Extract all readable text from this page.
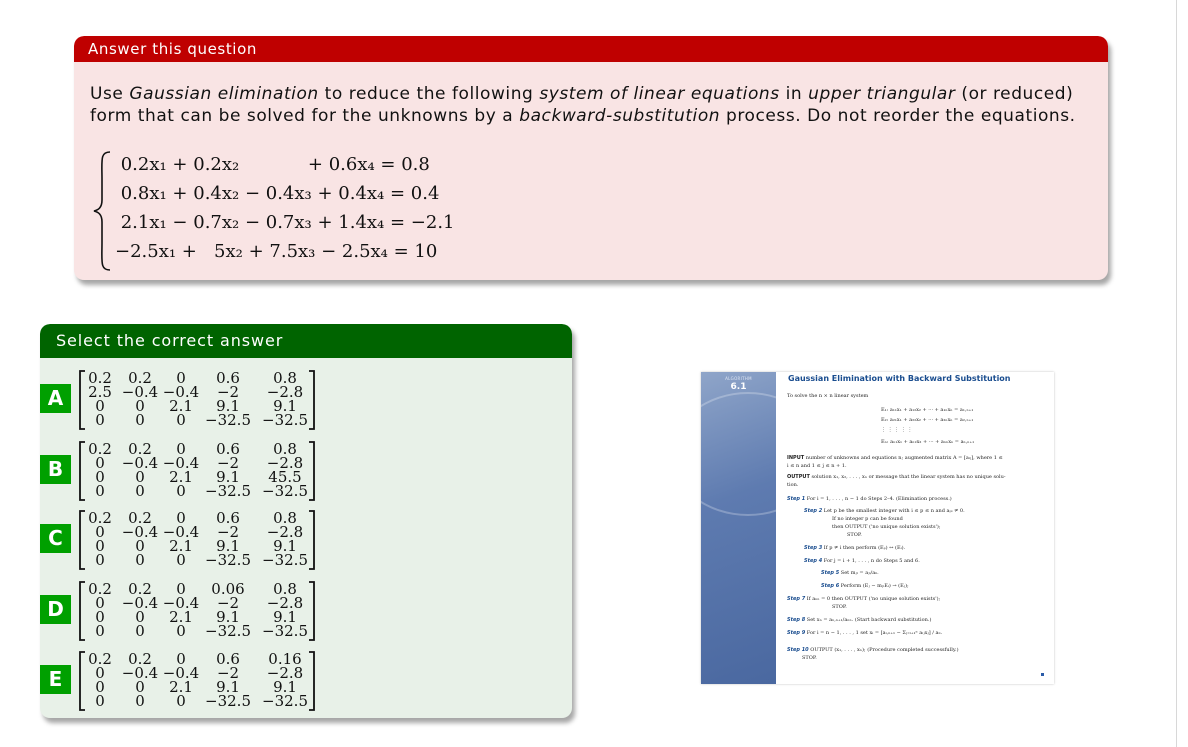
Answer this question
Use Gaussian elimination to reduce the following system of linear equations in upper triangular (or reduced) form that can be solved for the unknowns by a backward-substitution process. Do not reorder the equations.
0.2x₁ + 0.2x₂            + 0.6x₄ = 0.8
0.8x₁ + 0.4x₂ − 0.4x₃ + 0.4x₄ = 0.4
2.1x₁ − 0.7x₂ − 0.7x₃ + 1.4x₄ = −2.1
−2.5x₁ +   5x₂ + 7.5x₃ − 2.5x₄ = 10
Select the correct answer
A
0.2	0.2	0	0.6	0.8
2.5 −0.4 −0.4	−2	−2.8
0	0	2.1	9.1	9.1
0	0	0	−32.5 −32.5
B
0.2	0.2	0	0.6	0.8
0	−0.4 −0.4	−2	−2.8
0	0	2.1	9.1	45.5
0	0	0	−32.5 −32.5
C
0.2	0.2	0	0.6	0.8
0	−0.4 −0.4	−2	−2.8
0	0	2.1	9.1	9.1
0	0	0	−32.5 −32.5
D
0.2	0.2	0	0.06	0.8
0	−0.4 −0.4	−2	−2.8
0	0	2.1	9.1	9.1
0	0	0	−32.5 −32.5
E
0.2	0.2	0	0.6	0.16
0	−0.4 −0.4	−2	−2.8
0	0	2.1	9.1	9.1
0	0	0	−32.5 −32.5
ALGORITHM
6.1
Gaussian Elimination with Backward Substitution
To solve the n × n linear system
E₁: a₁₁x₁ + a₁₂x₂ + ··· + a₁ₙxₙ = a₁,ₙ₊₁
E₂: a₂₁x₁ + a₂₂x₂ + ··· + a₂ₙxₙ = a₂,ₙ₊₁
⋮ ⋮ ⋮ ⋮ ⋮
Eₙ: aₙ₁x₁ + aₙ₂x₂ + ··· + aₙₙxₙ = aₙ,ₙ₊₁
INPUT number of unknowns and equations n; augmented matrix A = [aᵢⱼ], where 1 ≤
i ≤ n and 1 ≤ j ≤ n + 1.
OUTPUT solution x₁, x₂, . . . , xₙ or message that the linear system has no unique solu-
tion.
Step 1 For i = 1, . . . , n − 1 do Steps 2–4. (Elimination process.)
Step 2 Let p be the smallest integer with i ≤ p ≤ n and aₚᵢ ≠ 0.
If no integer p can be found
then OUTPUT ('no unique solution exists');
STOP.
Step 3 If p ≠ i then perform (Eₚ) ↔ (Eᵢ).
Step 4 For j = i + 1, . . . , n do Steps 5 and 6.
Step 5 Set mⱼᵢ = aⱼᵢ/aᵢᵢ.
Step 6 Perform (Eⱼ − mⱼᵢEᵢ) → (Eⱼ);
Step 7 If aₙₙ = 0 then OUTPUT ('no unique solution exists');
STOP.
Step 8 Set xₙ = aₙ,ₙ₊₁/aₙₙ. (Start backward substitution.)
Step 9 For i = n − 1, . . . , 1 set xᵢ = [aᵢ,ₙ₊₁ − Σⱼ₌ᵢ₊₁ⁿ aᵢⱼxⱼ] / aᵢᵢ.
Step 10 OUTPUT (x₁, . . . , xₙ); (Procedure completed successfully.)
STOP.
